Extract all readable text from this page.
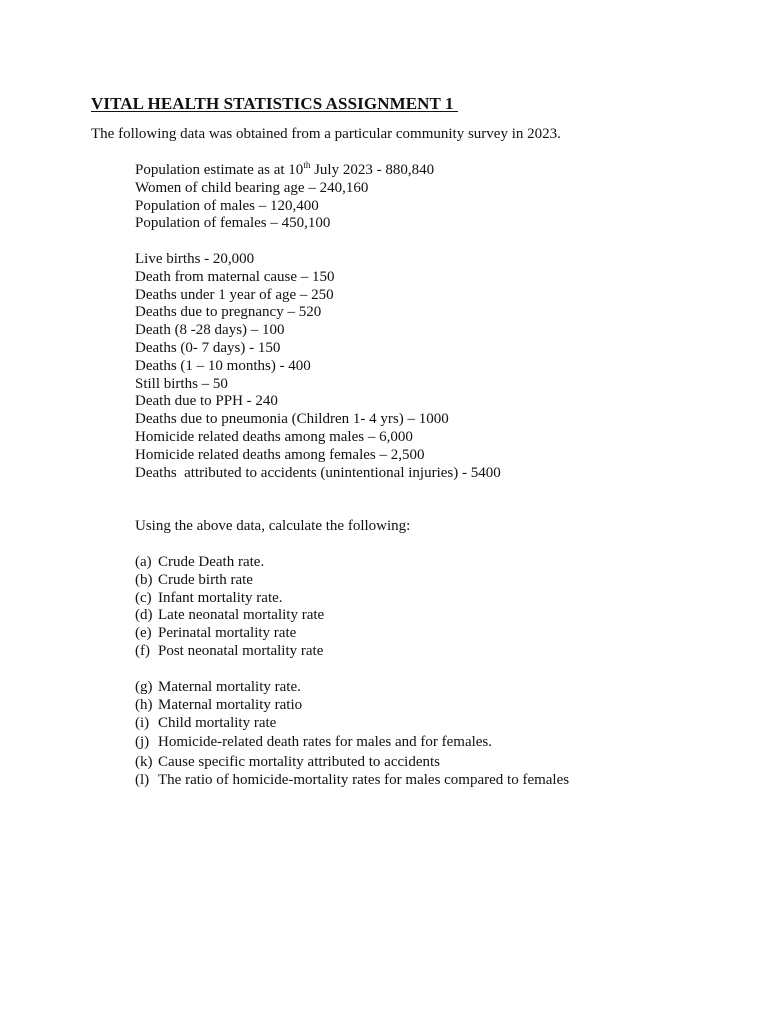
VITAL HEALTH STATISTICS ASSIGNMENT 1
The following data was obtained from a particular community survey in 2023.
Population estimate as at 10th July 2023 - 880,840
Women of child bearing age – 240,160
Population of males – 120,400
Population of females – 450,100
Live births - 20,000
Death from maternal cause – 150
Deaths under 1 year of age – 250
Deaths due to pregnancy – 520
Death (8 -28 days) – 100
Deaths (0- 7 days) - 150
Deaths (1 – 10 months) - 400
Still births – 50
Death due to PPH - 240
Deaths due to pneumonia (Children 1- 4 yrs) – 1000
Homicide related deaths among males – 6,000
Homicide related deaths among females – 2,500
Deaths  attributed to accidents (unintentional injuries) - 5400
Using the above data, calculate the following:
(a) Crude Death rate.
(b) Crude birth rate
(c) Infant mortality rate.
(d) Late neonatal mortality rate
(e) Perinatal mortality rate
(f) Post neonatal mortality rate
(g) Maternal mortality rate.
(h) Maternal mortality ratio
(i) Child mortality rate
(j) Homicide-related death rates for males and for females.
(k) Cause specific mortality attributed to accidents
(l) The ratio of homicide-mortality rates for males compared to females
